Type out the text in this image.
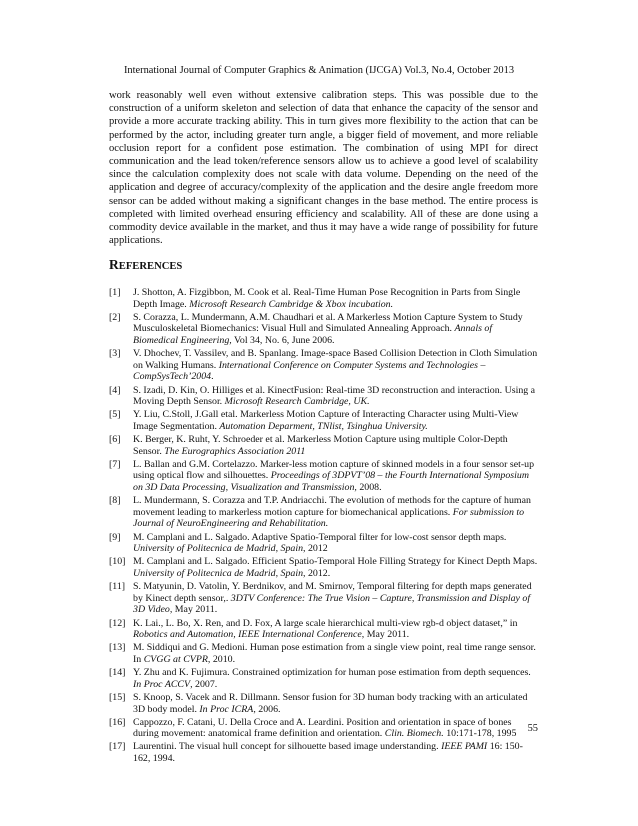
International Journal of Computer Graphics & Animation (IJCGA) Vol.3, No.4, October 2013

work reasonably well even without extensive calibration steps. This was possible due to the construction of a uniform skeleton and selection of data that enhance the capacity of the sensor and provide a more accurate tracking ability. This in turn gives more flexibility to the action that can be performed by the actor, including greater turn angle, a bigger field of movement, and more reliable occlusion report for a confident pose estimation. The combination of using MPI for direct communication and the lead token/reference sensors allow us to achieve a good level of scalability since the calculation complexity does not scale with data volume. Depending on the need of the application and degree of accuracy/complexity of the application and the desire angle freedom more sensor can be added without making a significant changes in the base method. The entire process is completed with limited overhead ensuring efficiency and scalability. All of these are done using a commodity device available in the market, and thus it may have a wide range of possibility for future applications.

REFERENCES
[1] J. Shotton, A. Fizgibbon, M. Cook et al. Real-Time Human Pose Recognition in Parts from Single Depth Image. Microsoft Research Cambridge & Xbox incubation.
[2] S. Corazza, L. Mundermann, A.M. Chaudhari et al. A Markerless Motion Capture System to Study Musculoskeletal Biomechanics: Visual Hull and Simulated Annealing Approach. Annals of Biomedical Engineering, Vol 34, No. 6, June 2006.
[3] V. Dhochev, T. Vassilev, and B. Spanlang. Image-space Based Collision Detection in Cloth Simulation on Walking Humans. International Conference on Computer Systems and Technologies – CompSysTech’2004.
[4] S. Izadi, D. Kin, O. Hilliges et al. KinectFusion: Real-time 3D reconstruction and interaction. Using a Moving Depth Sensor. Microsoft Research Cambridge, UK.
[5] Y. Liu, C.Stoll, J.Gall etal. Markerless Motion Capture of Interacting Character using Multi-View Image Segmentation. Automation Deparment, TNlist, Tsinghua University.
[6] K. Berger, K. Ruht, Y. Schroeder et al. Markerless Motion Capture using multiple Color-Depth Sensor. The Eurographics Association 2011
[7] L. Ballan and G.M. Cortelazzo. Marker-less motion capture of skinned models in a four sensor set-up using optical flow and silhouettes. Proceedings of 3DPVT’08 – the Fourth International Symposium on 3D Data Processing, Visualization and Transmission, 2008.
[8] L. Mundermann, S. Corazza and T.P. Andriacchi. The evolution of methods for the capture of human movement leading to markerless motion capture for biomechanical applications. For submission to Journal of NeuroEngineering and Rehabilitation.
[9] M. Camplani and L. Salgado. Adaptive Spatio-Temporal filter for low-cost sensor depth maps. University of Politecnica de Madrid, Spain, 2012
[10] M. Camplani and L. Salgado. Efficient Spatio-Temporal Hole Filling Strategy for Kinect Depth Maps. University of Politecnica de Madrid, Spain, 2012.
[11] S. Matyunin, D. Vatolin, Y. Berdnikov, and M. Smirnov, Temporal filtering for depth maps generated by Kinect depth sensor,. 3DTV Conference: The True Vision – Capture, Transmission and Display of 3D Video, May 2011.
[12] K. Lai., L. Bo, X. Ren, and D. Fox, A large scale hierarchical multi-view rgb-d object dataset,” in Robotics and Automation, IEEE International Conference, May 2011.
[13] M. Siddiqui and G. Medioni. Human pose estimation from a single view point, real time range sensor. In CVGG at CVPR, 2010.
[14] Y. Zhu and K. Fujimura. Constrained optimization for human pose estimation from depth sequences. In Proc ACCV, 2007.
[15] S. Knoop, S. Vacek and R. Dillmann. Sensor fusion for 3D human body tracking with an articulated 3D body model. In Proc ICRA, 2006.
[16] Cappozzo, F. Catani, U. Della Croce and A. Leardini. Position and orientation in space of bones during movement: anatomical frame definition and orientation. Clin. Biomech. 10:171-178, 1995
[17] Laurentini. The visual hull concept for silhouette based image understanding. IEEE PAMI 16: 150-162, 1994.
55
